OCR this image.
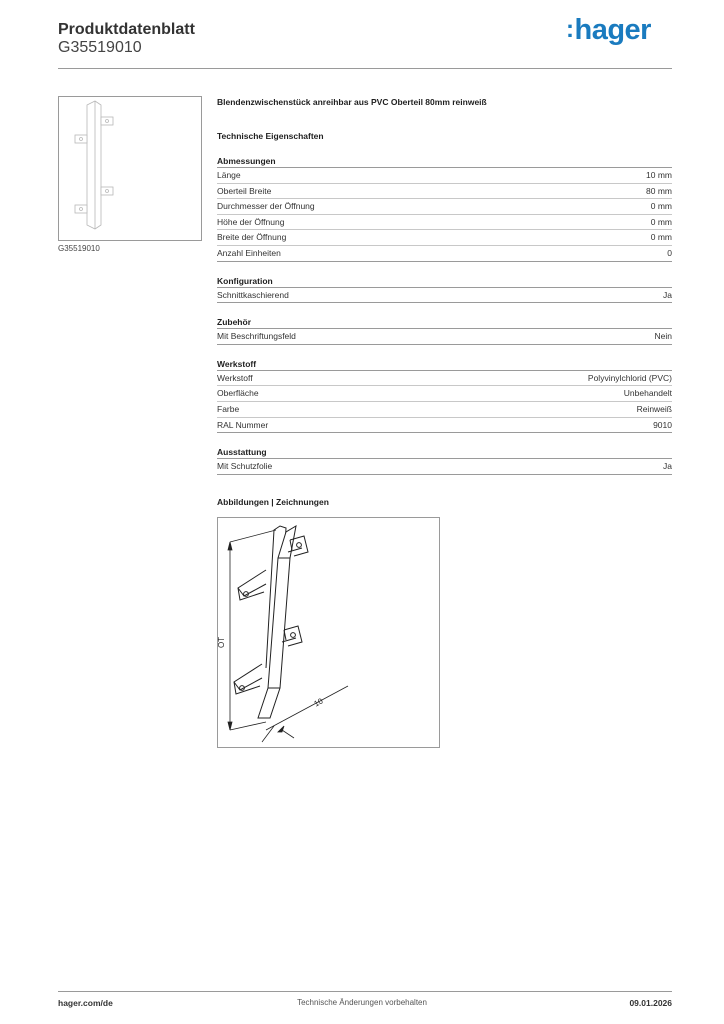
Produktdatenblatt
G35519010
:hager
G35519010
Blendenzwischenstück anreihbar aus PVC Oberteil 80mm reinweiß
Technische Eigenschaften
Abmessungen
Länge	10 mm
Oberteil Breite	80 mm
Durchmesser der Öffnung	0 mm
Höhe der Öffnung	0 mm
Breite der Öffnung	0 mm
Anzahl Einheiten	0
Konfiguration
Schnittkaschierend	Ja
Zubehör
Mit Beschriftungsfeld	Nein
Werkstoff
Werkstoff	Polyvinylchlorid (PVC)
Oberfläche	Unbehandelt
Farbe	Reinweiß
RAL Nummer	9010
Ausstattung
Mit Schutzfolie	Ja
Abbildungen | Zeichnungen
OT
10
hager.com/de	Technische Änderungen vorbehalten	09.01.2026
